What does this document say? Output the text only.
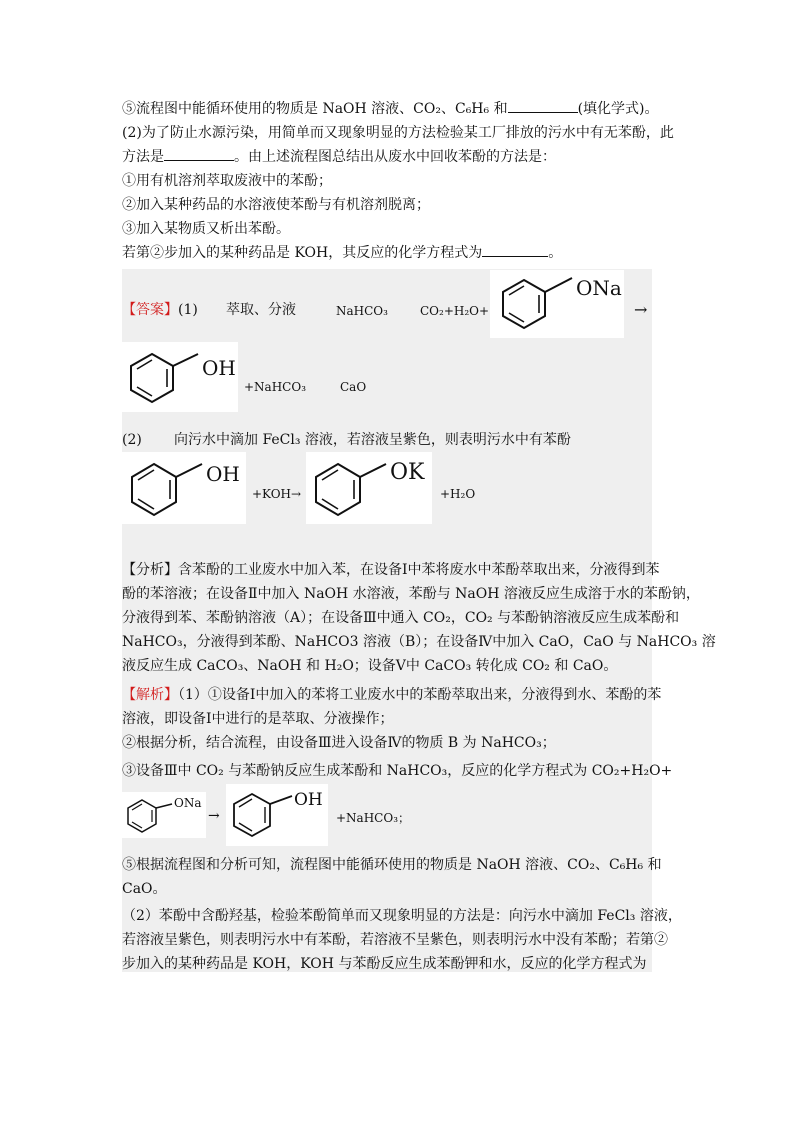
⑤流程图中能循环使用的物质是 NaOH 溶液、CO₂、C₆H₆ 和	(填化学式)。
(2)为了防止水源污染，用简单而又现象明显的方法检验某工厂排放的污水中有无苯酚，此
方法是	。由上述流程图总结出从废水中回收苯酚的方法是：
①用有机溶剂萃取废液中的苯酚；
②加入某种药品的水溶液使苯酚与有机溶剂脱离；
③加入某物质又析出苯酚。
若第②步加入的某种药品是 KOH，其反应的化学方程式为	。
【答案】(1) 萃取、分液	NaHCO₃	CO₂+H₂O+
ONa
→
OH
+NaHCO₃	CaO
(2) 向污水中滴加 FeCl₃ 溶液，若溶液呈紫色，则表明污水中有苯酚
OH
+KOH→
OK
+H₂O
【分析】含苯酚的工业废水中加入苯，在设备Ⅰ中苯将废水中苯酚萃取出来，分液得到苯
酚的苯溶液；在设备Ⅱ中加入 NaOH 水溶液，苯酚与 NaOH 溶液反应生成溶于水的苯酚钠，
分液得到苯、苯酚钠溶液（A）；在设备Ⅲ中通入 CO₂，CO₂ 与苯酚钠溶液反应生成苯酚和
NaHCO₃，分液得到苯酚、NaHCO3 溶液（B）；在设备Ⅳ中加入 CaO，CaO 与 NaHCO₃ 溶
液反应生成 CaCO₃、NaOH 和 H₂O；设备Ⅴ中 CaCO₃ 转化成 CO₂ 和 CaO。
【解析】（1）①设备Ⅰ中加入的苯将工业废水中的苯酚萃取出来，分液得到水、苯酚的苯
溶液，即设备Ⅰ中进行的是萃取、分液操作；
②根据分析，结合流程，由设备Ⅲ进入设备Ⅳ的物质 B 为 NaHCO₃；
③设备Ⅲ中 CO₂ 与苯酚钠反应生成苯酚和 NaHCO₃，反应的化学方程式为 CO₂+H₂O+
ONa
→
OH
+NaHCO₃；
⑤根据流程图和分析可知，流程图中能循环使用的物质是 NaOH 溶液、CO₂、C₆H₆ 和
CaO。
（2）苯酚中含酚羟基，检验苯酚简单而又现象明显的方法是：向污水中滴加 FeCl₃ 溶液，
若溶液呈紫色，则表明污水中有苯酚，若溶液不呈紫色，则表明污水中没有苯酚；若第②
步加入的某种药品是 KOH，KOH 与苯酚反应生成苯酚钾和水，反应的化学方程式为
